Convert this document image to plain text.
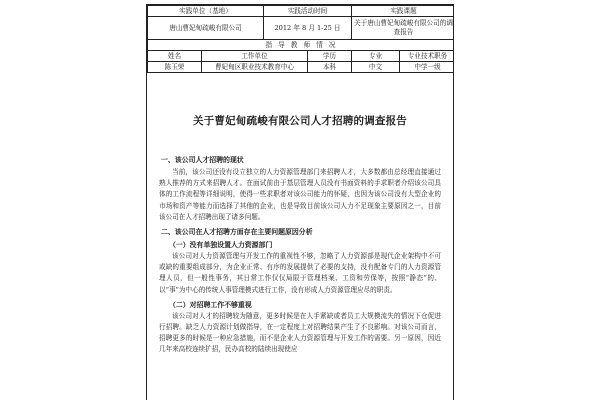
实践单位（基地）		实践活动时间		实践课题	
唐山曹妃甸疏峻有限公司		2012 年 8 月 1-25 日		关于唐山曹妃甸疏峻有限公司的调查报告	
指 导 教 师 情 况					
姓名	工作单位		学历	专业	专业技术职务
陈玉荣	曹妃甸区职业技术教育中心		本科	中文	中学一级
关于曹妃甸疏峻有限公司人才招聘的调查报告
一、该公司人才招聘的现状

当前，该公司还没有设立独立的人力资源管理部门来招聘人才，大多数都由总经理直接通过熟人推荐的方式来招聘人才。在面试前由于基层管理人员没有书面资料的手求职者介绍该公司具体的工作流程等详细说明，使得一些求职者对该公司能力的怀疑，也因为该公司没有大型企业的市场和资产等能力而选择了其他的企业，也是导致目前该公司人力不足现象主要原因之一，目前该公司在人才招聘出现了诸多问题。

二、该公司在人才招聘方面存在主要问题原因分析
（一）没有单独设置人力资源部门

该公司对人力资源管理与开发工作的重视性不够，忽略了人力资源部是现代企业架构中不可或缺的重要组成部分，为企业正常、有序的发展提供了必要的支持，没有配备专门的人力资源管理人员，但一般性事务，其日常工作仅仅局限于管理档案、工资和劳保等，按照“静态”的、以“事”为中心的传统人事管理模式进行工作，没有形成人力资源管理应尽的职责。

（二）对招聘工作不够重视

该公司对人才的招聘较为随意，更多时候是在人手紧缺或者员工大规模流失的情况下仓促进行招聘。缺乏人力资源计划做指导，在一定程度上对招聘结果产生了不良影响。对该公司而言，招聘更多的时候是一种应急措施，而不是企业人力资源管理与开发工作的需要。另一原因，因近几年来高校连续扩招，民办高校的陆续出现使应
